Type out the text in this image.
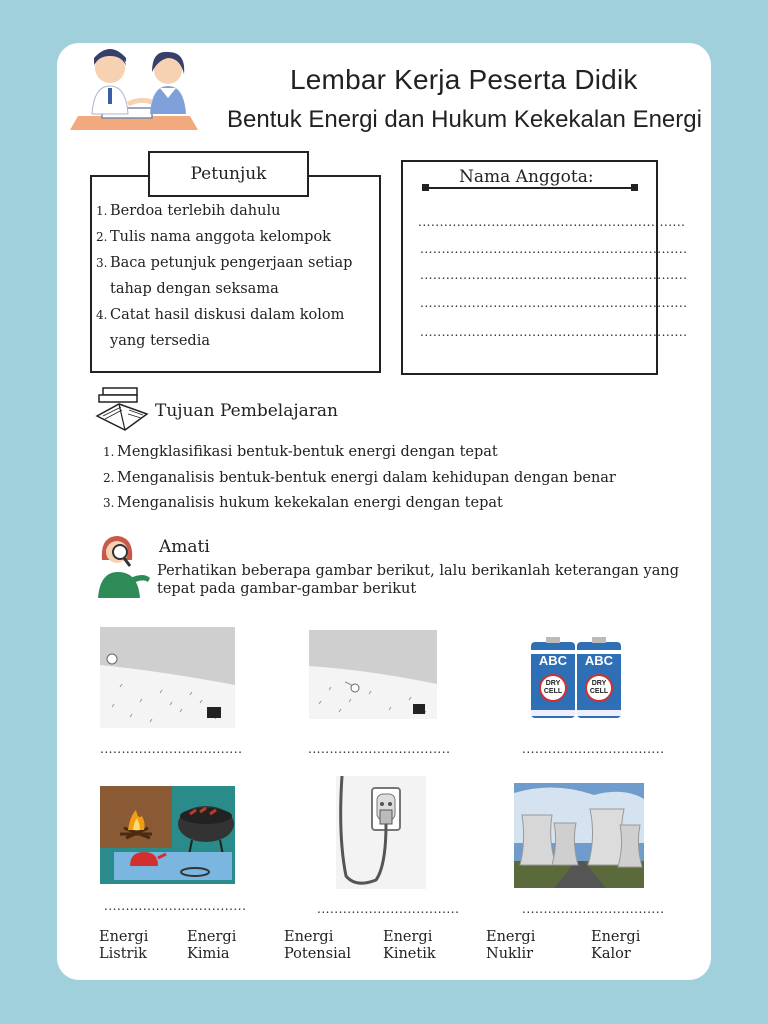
Lembar Kerja Peserta Didik
Bentuk Energi dan Hukum Kekekalan Energi
Petunjuk
1. Berdoa terlebih dahulu
2. Tulis nama anggota kelompok
3. Baca petunjuk pengerjaan setiap tahap dengan seksama
4. Catat hasil diskusi dalam kolom yang tersedia
Nama Anggota:
..............................................................
..............................................................
..............................................................
..............................................................
..............................................................
Tujuan Pembelajaran
1. Mengklasifikasi bentuk-bentuk energi dengan tepat
2. Menganalisis bentuk-bentuk energi dalam kehidupan dengan benar
3. Menganalisis hukum kekekalan energi dengan tepat
Amati
Perhatikan beberapa gambar berikut, lalu berikanlah keterangan yang tepat pada gambar-gambar berikut
ABC	ABC
DRY CELL
DRY CELL
.................................	.................................	.................................
.................................	.................................	.................................
Energi
Listrik
Energi
Kimia
Energi
Potensial
Energi
Kinetik
Energi
Nuklir
Energi
Kalor
